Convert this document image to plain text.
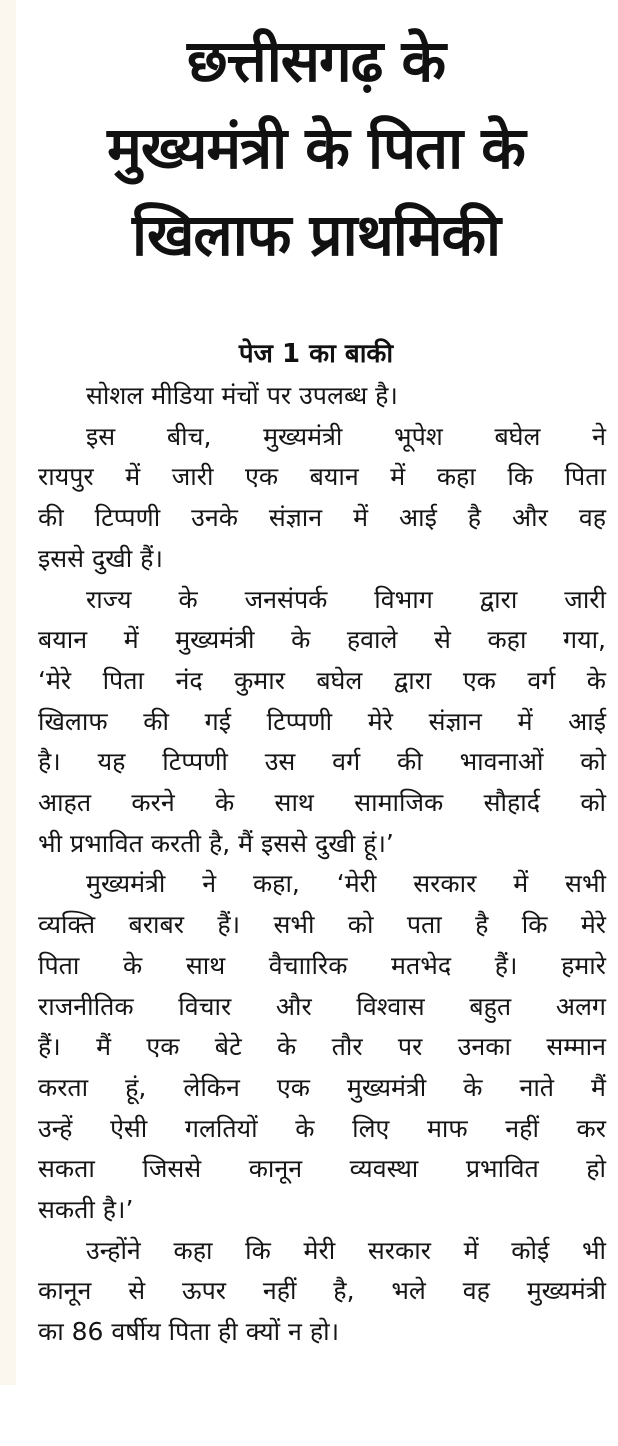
छत्तीसगढ़ के
मुख्यमंत्री के पिता के
खिलाफ प्राथमिकी
पेज 1 का बाकी

सोशल मीडिया मंचों पर उपलब्ध है।

इस बीच, मुख्यमंत्री भूपेश बघेल ने
रायपुर में जारी एक बयान में कहा कि पिता
की टिप्पणी उनके संज्ञान में आई है और वह
इससे दुखी हैं।

राज्य के जनसंपर्क विभाग द्वारा जारी
बयान में मुख्यमंत्री के हवाले से कहा गया,
‘मेरे पिता नंद कुमार बघेल द्वारा एक वर्ग के
खिलाफ की गई टिप्पणी मेरे संज्ञान में आई
है। यह टिप्पणी उस वर्ग की भावनाओं को
आहत करने के साथ सामाजिक सौहार्द को
भी प्रभावित करती है, मैं इससे दुखी हूं।’

मुख्यमंत्री ने कहा, ‘मेरी सरकार में सभी
व्यक्ति बराबर हैं। सभी को पता है कि मेरे
पिता के साथ वैचाारिक मतभेद हैं। हमारे
राजनीतिक विचार और विश्वास बहुत अलग
हैं। मैं एक बेटे के तौर पर उनका सम्मान
करता हूं, लेकिन एक मुख्यमंत्री के नाते मैं
उन्हें ऐसी गलतियों के लिए माफ नहीं कर
सकता जिससे कानून व्यवस्था प्रभावित हो
सकती है।’

उन्होंने कहा कि मेरी सरकार में कोई भी
कानून से ऊपर नहीं है, भले वह मुख्यमंत्री
का 86 वर्षीय पिता ही क्यों न हो।
